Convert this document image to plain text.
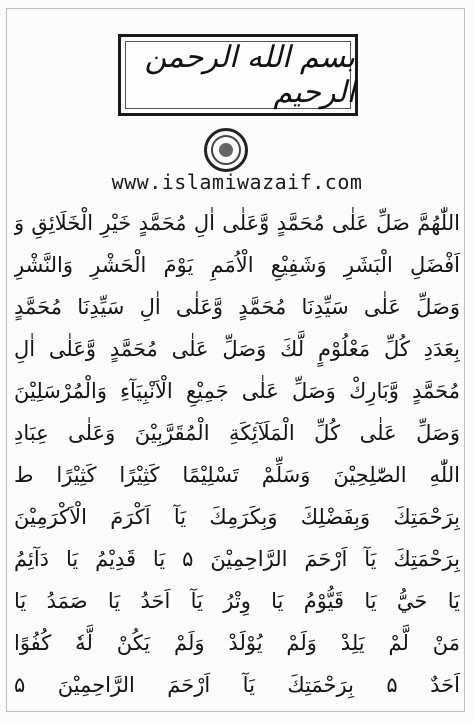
بسم الله الرحمن الرحيم
www.islamiwazaif.com
اللّٰهُمَّ صَلِّ عَلٰى مُحَمَّدٍ وَّعَلٰى اٰلِ مُحَمَّدٍ خَيْرِ الْخَلَائِقِ وَ
اَفْضَلِ الْبَشَرِ وَشَفِيْعِ الْاُمَمِ يَوْمَ الْحَشْرِ وَالنَّشْرِ
وَصَلِّ عَلٰى سَيِّدِنَا مُحَمَّدٍ وَّعَلٰى اٰلِ سَيِّدِنَا مُحَمَّدٍ
بِعَدَدِ كُلِّ مَعْلُوْمٍ لَّكَ وَصَلِّ عَلٰى مُحَمَّدٍ وَّعَلٰى اٰلِ
مُحَمَّدٍ وَّبَارِكْ وَصَلِّ عَلٰى جَمِيْعِ الْاَنْبِيَآءِ وَالْمُرْسَلِيْنَ
وَصَلِّ عَلٰى كُلِّ الْمَلَآئِكَةِ الْمُقَرَّبِيْنَ وَعَلٰى عِبَادِ
اللّٰهِ الصّٰلِحِيْنَ وَسَلِّمْ تَسْلِيْمًا كَثِيْرًا كَثِيْرًا ط
بِرَحْمَتِكَ وَبِفَضْلِكَ وَبِكَرَمِكَ يَآ اَكْرَمَ الْاَكْرَمِيْنَ
بِرَحْمَتِكَ يَآ اَرْحَمَ الرَّاحِمِيْنَ ۵ يَا قَدِيْمُ يَا دَآئِمُ
يَا حَيُّ يَا قَيُّوْمُ يَا وِتْرُ يَآ اَحَدُ يَا صَمَدُ يَا
مَنْ لَّمْ يَلِدْ وَلَمْ يُوْلَدْ وَلَمْ يَكُنْ لَّهٗ كُفُوًا
اَحَدٌ ۵ بِرَحْمَتِكَ يَآ اَرْحَمَ الرَّاحِمِيْنَ ۵
